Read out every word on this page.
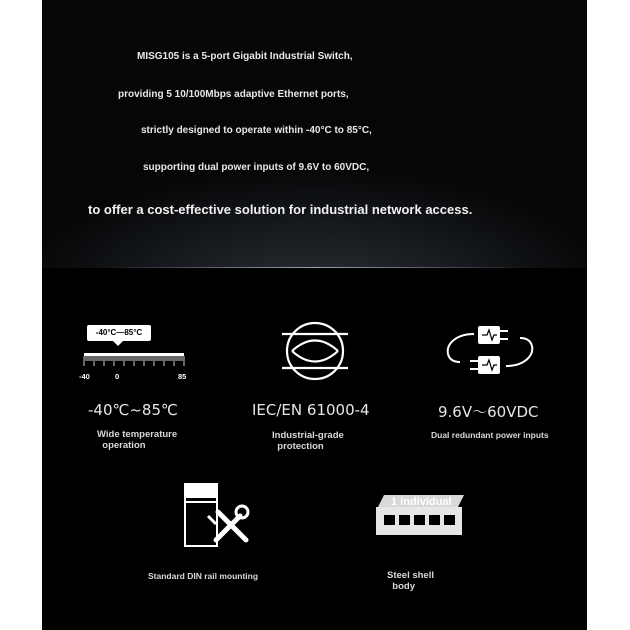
MISG105 is a 5-port Gigabit Industrial Switch,
providing 5 10/100Mbps adaptive Ethernet ports,
strictly designed to operate within -40°C to 85°C,
supporting dual power inputs of 9.6V to 60VDC,
to offer a cost-effective solution for industrial network access.
-40°C—85°C
-40	0	85
-40℃~85℃
Wide temperature
operation
IEC/EN 61000-4
Industrial-grade
protection
9.6V～60VDC
Dual redundant power inputs
Standard DIN rail mounting
1 individual
Steel shell
body
